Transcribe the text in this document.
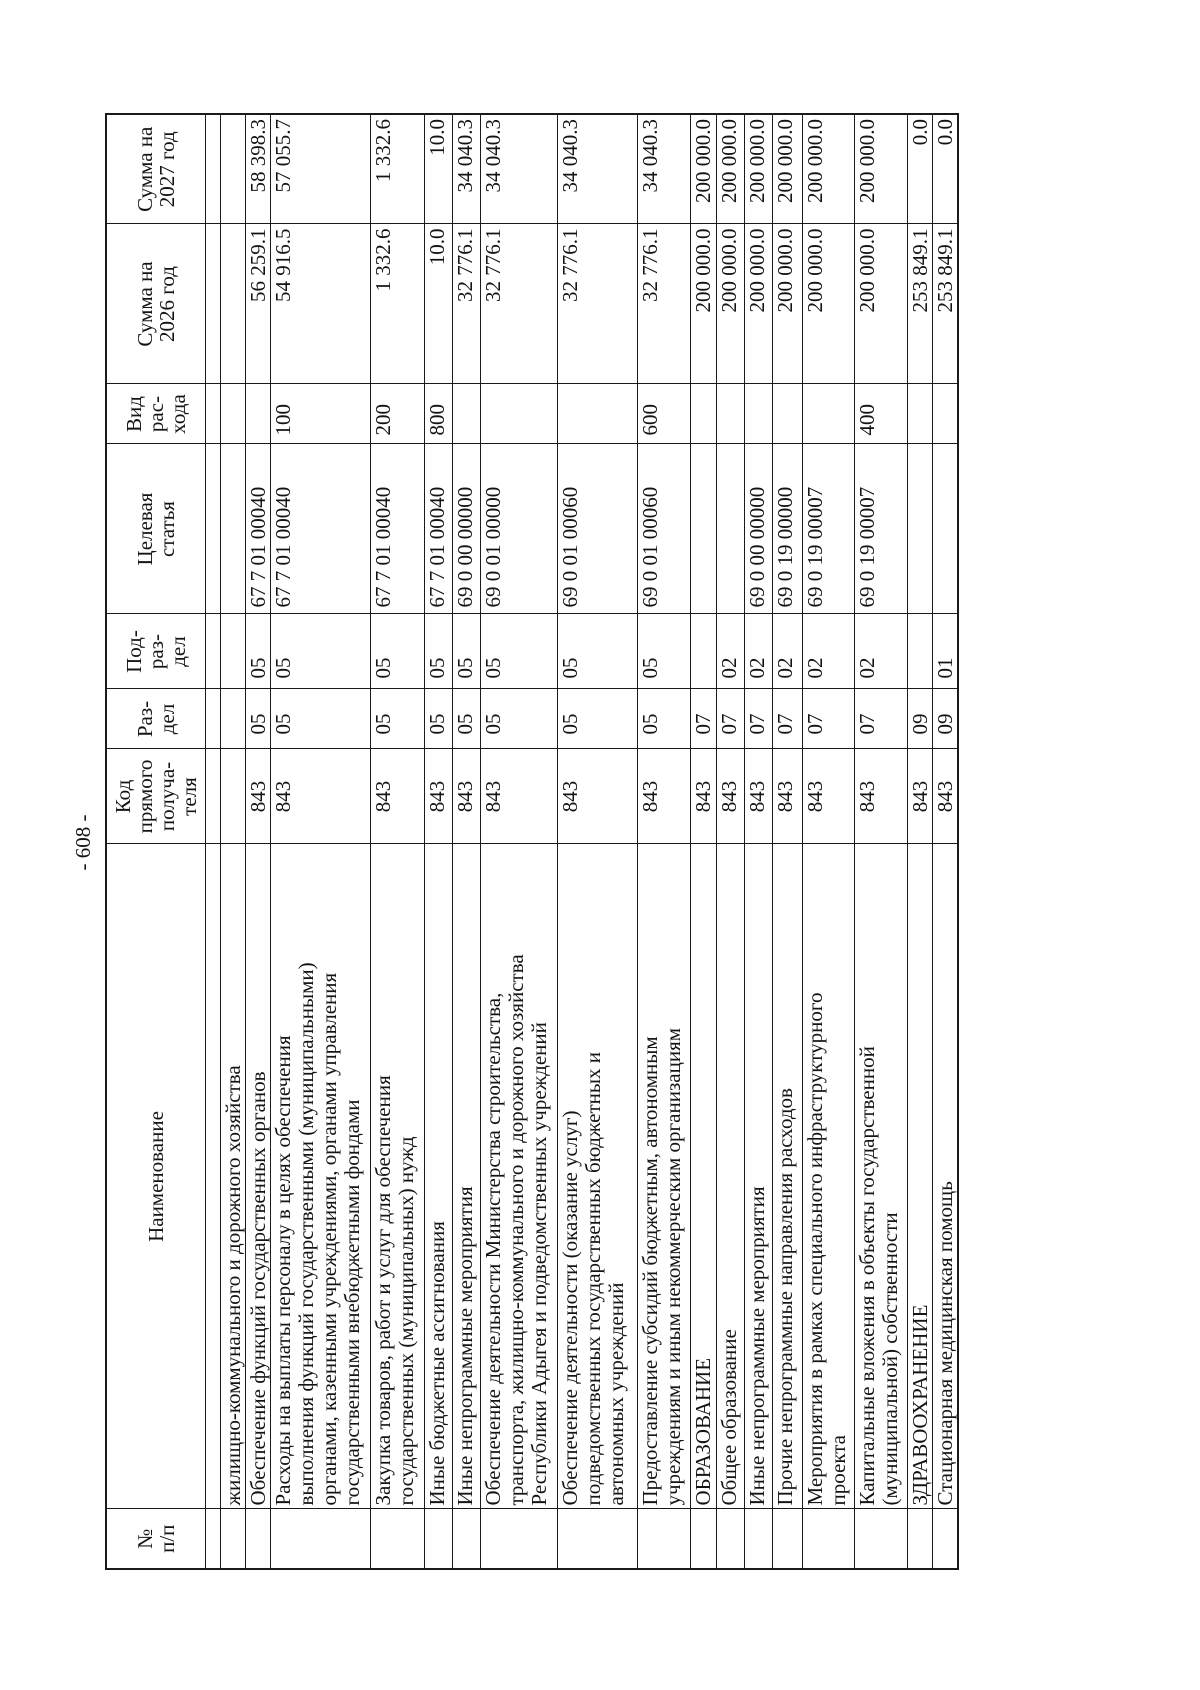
- 608 -
№
п/п	Наименование	Код
прямого
получа-
теля	Раз-
дел	Под-
раз-
дел	Целевая
статья	Вид
рас-
хода	Сумма на
2026 год	Сумма на
2027 год

	жилищно-коммунального и дорожного хозяйства							
	Обеспечение функций государственных органов	843	05	05	67 7 01 00040		56 259.1	58 398.3
	Расходы на выплаты персоналу в целях обеспечения
выполнения функций государственными (муниципальными)
органами, казенными учреждениями, органами управления
государственными внебюджетными фондами	843	05	05	67 7 01 00040	100	54 916.5	57 055.7
	Закупка товаров, работ и услуг для обеспечения
государственных (муниципальных) нужд	843	05	05	67 7 01 00040	200	1 332.6	1 332.6
	Иные бюджетные ассигнования	843	05	05	67 7 01 00040	800	10.0	10.0
	Иные непрограммные мероприятия	843	05	05	69 0 00 00000		32 776.1	34 040.3
	Обеспечение деятельности Министерства строительства,
транспорта, жилищно-коммунального и дорожного хозяйства
Республики Адыгея и подведомственных учреждений	843	05	05	69 0 01 00000		32 776.1	34 040.3
	Обеспечение деятельности (оказание услуг)
подведомственных государственных бюджетных и
автономных учреждений	843	05	05	69 0 01 00060		32 776.1	34 040.3
	Предоставление субсидий бюджетным, автономным
учреждениям и иным некоммерческим организациям	843	05	05	69 0 01 00060	600	32 776.1	34 040.3
	ОБРАЗОВАНИЕ	843	07				200 000.0	200 000.0
	Общее образование	843	07	02			200 000.0	200 000.0
	Иные непрограммные мероприятия	843	07	02	69 0 00 00000		200 000.0	200 000.0
	Прочие непрограммные направления расходов	843	07	02	69 0 19 00000		200 000.0	200 000.0
	Мероприятия в рамках специального инфраструктурного
проекта	843	07	02	69 0 19 00007		200 000.0	200 000.0
	Капитальные вложения в объекты государственной
(муниципальной) собственности	843	07	02	69 0 19 00007	400	200 000.0	200 000.0
	ЗДРАВООХРАНЕНИЕ	843	09				253 849.1	0.0
	Стационарная медицинская помощь	843	09	01			253 849.1	0.0
